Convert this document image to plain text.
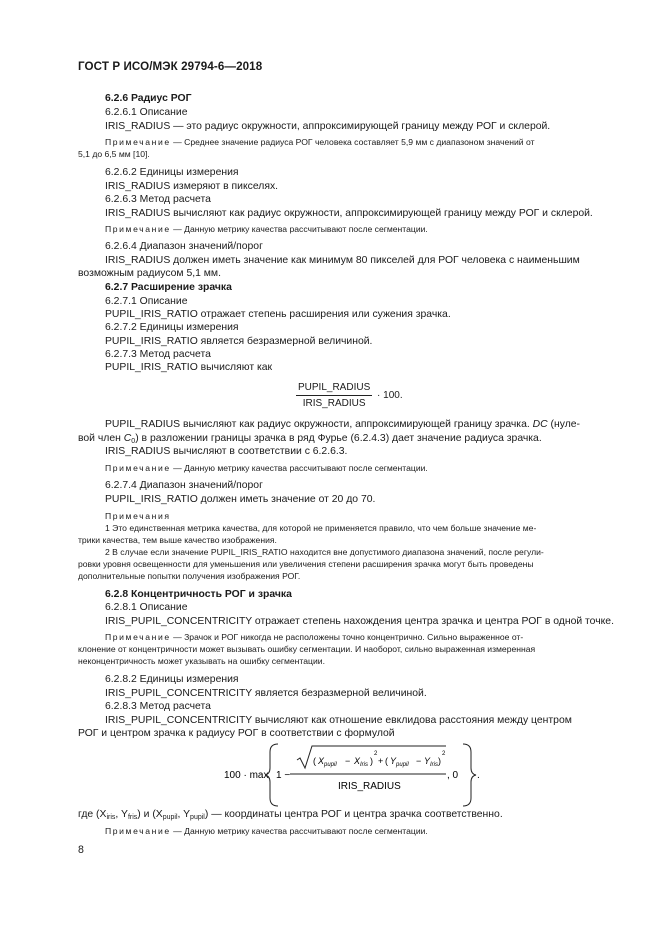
ГОСТ Р ИСО/МЭК 29794-6—2018
6.2.6 Радиус РОГ
6.2.6.1 Описание
IRIS_RADIUS — это радиус окружности, аппроксимирующей границу между РОГ и склерой.
Примечание — Среднее значение радиуса РОГ человека составляет 5,9 мм с диапазоном значений от
5,1 до 6,5 мм [10].
6.2.6.2 Единицы измерения
IRIS_RADIUS измеряют в пикселях.
6.2.6.3 Метод расчета
IRIS_RADIUS вычисляют как радиус окружности, аппроксимирующей границу между РОГ и склерой.
Примечание — Данную метрику качества рассчитывают после сегментации.
6.2.6.4 Диапазон значений/порог
IRIS_RADIUS должен иметь значение как минимум 80 пикселей для РОГ человека с наименьшим
возможным радиусом 5,1 мм.
6.2.7 Расширение зрачка
6.2.7.1 Описание
PUPIL_IRIS_RATIO отражает степень расширения или сужения зрачка.
6.2.7.2 Единицы измерения
PUPIL_IRIS_RATIO является безразмерной величиной.
6.2.7.3 Метод расчета
PUPIL_IRIS_RATIO вычисляют как
$\frac{\text{PUPIL\_RADIUS}}{\text{IRIS\_RADIUS}} \cdot 100$.
PUPIL_RADIUS вычисляют как радиус окружности, аппроксимирующей границу зрачка. DC (нуле-
вой член $C_0$) в разложении границы зрачка в ряд Фурье (6.2.4.3) дает значение радиуса зрачка.
IRIS_RADIUS вычисляют в соответствии с 6.2.6.3.
Примечание — Данную метрику качества рассчитывают после сегментации.
6.2.7.4 Диапазон значений/порог
PUPIL_IRIS_RATIO должен иметь значение от 20 до 70.
Примечания
1 Это единственная метрика качества, для которой не применяется правило, что чем больше значение ме-
трики качества, тем выше качество изображения.
2 В случае если значение PUPIL_IRIS_RATIO находится вне допустимого диапазона значений, после регули-
ровки уровня освещенности для уменьшения или увеличения степени расширения зрачка могут быть проведены
дополнительные попытки получения изображения РОГ.
6.2.8 Концентричность РОГ и зрачка
6.2.8.1 Описание
IRIS_PUPIL_CONCENTRICITY отражает степень нахождения центра зрачка и центра РОГ в одной точке.
Примечание — Зрачок и РОГ никогда не расположены точно концентрично. Сильно выраженное от-
клонение от концентричности может вызывать ошибку сегментации. И наоборот, сильно выраженная измеренная
неконцентричность может указывать на ошибку сегментации.
6.2.8.2 Единицы измерения
IRIS_PUPIL_CONCENTRICITY является безразмерной величиной.
6.2.8.3 Метод расчета
IRIS_PUPIL_CONCENTRICITY вычисляют как отношение евклидова расстояния между центром
РОГ и центром зрачка к радиусу РОГ в соответствии с формулой
100 · max 1 −
( $X_{pupil} - X_{Iris}$ )
2
+ ( $Y_{pupil} - Y_{Iris}$ )
2
IRIS_RADIUS
, 0 .
где ($X_{iris}$, $Y_{fris}$) и ($X_{pupil}$, $Y_{pupil}$) — координаты центра РОГ и центра зрачка соответственно.
Примечание — Данную метрику качества рассчитывают после сегментации.
8
